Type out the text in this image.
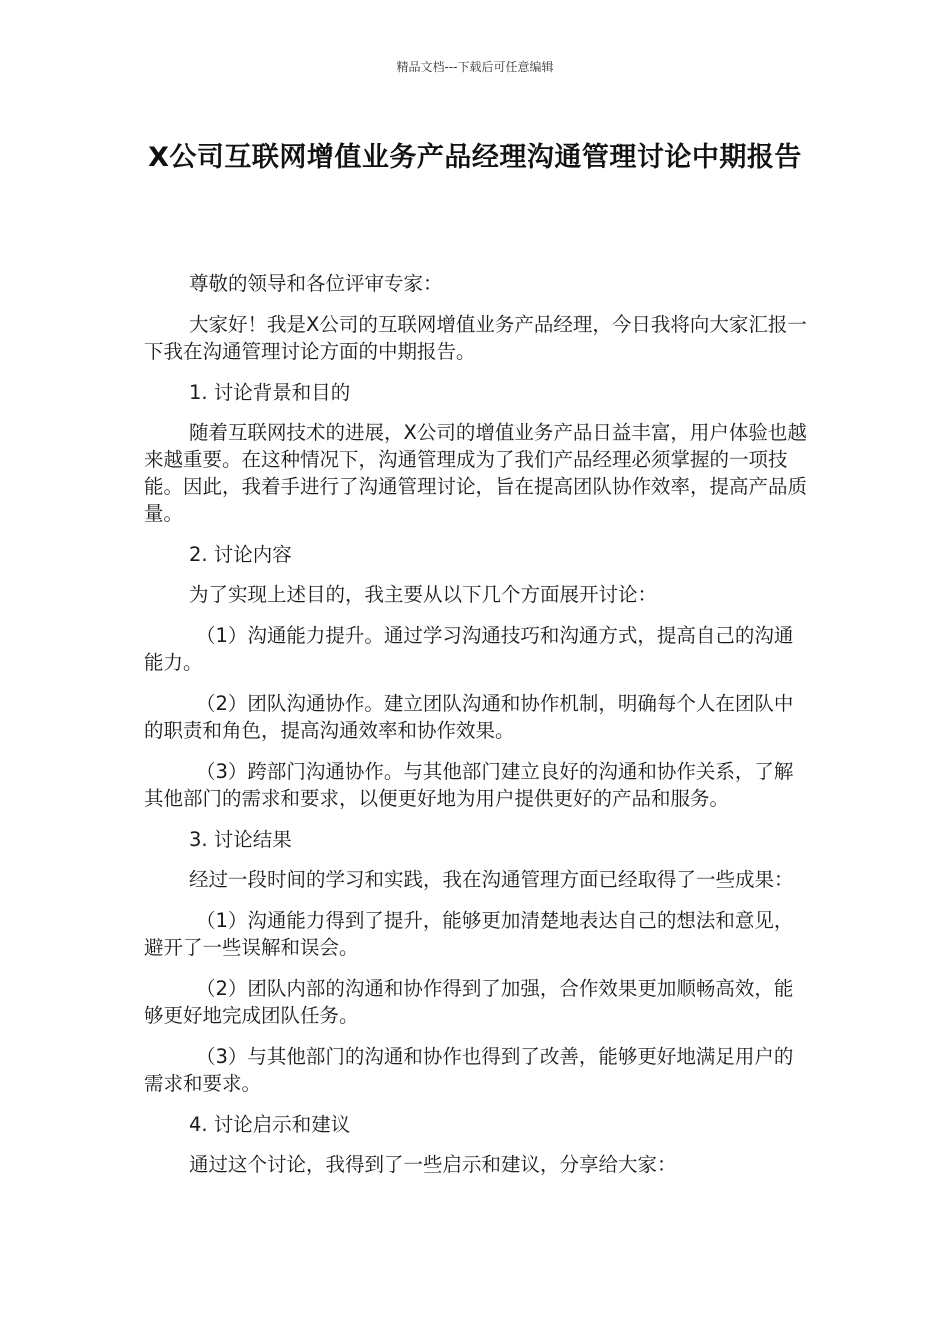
精品文档---下载后可任意编辑
X公司互联网增值业务产品经理沟通管理讨论中期报告

尊敬的领导和各位评审专家：

大家好！我是X公司的互联网增值业务产品经理，今日我将向大家汇报一下我在沟通管理讨论方面的中期报告。

1. 讨论背景和目的

随着互联网技术的进展，X公司的增值业务产品日益丰富，用户体验也越来越重要。在这种情况下，沟通管理成为了我们产品经理必须掌握的一项技能。因此，我着手进行了沟通管理讨论，旨在提高团队协作效率，提高产品质量。

2. 讨论内容

为了实现上述目的，我主要从以下几个方面展开讨论：

（1）沟通能力提升。通过学习沟通技巧和沟通方式，提高自己的沟通能力。

（2）团队沟通协作。建立团队沟通和协作机制，明确每个人在团队中的职责和角色，提高沟通效率和协作效果。

（3）跨部门沟通协作。与其他部门建立良好的沟通和协作关系，了解其他部门的需求和要求，以便更好地为用户提供更好的产品和服务。

3. 讨论结果

经过一段时间的学习和实践，我在沟通管理方面已经取得了一些成果：

（1）沟通能力得到了提升，能够更加清楚地表达自己的想法和意见，避开了一些误解和误会。

（2）团队内部的沟通和协作得到了加强，合作效果更加顺畅高效，能够更好地完成团队任务。

（3）与其他部门的沟通和协作也得到了改善，能够更好地满足用户的需求和要求。

4. 讨论启示和建议

通过这个讨论，我得到了一些启示和建议，分享给大家：
